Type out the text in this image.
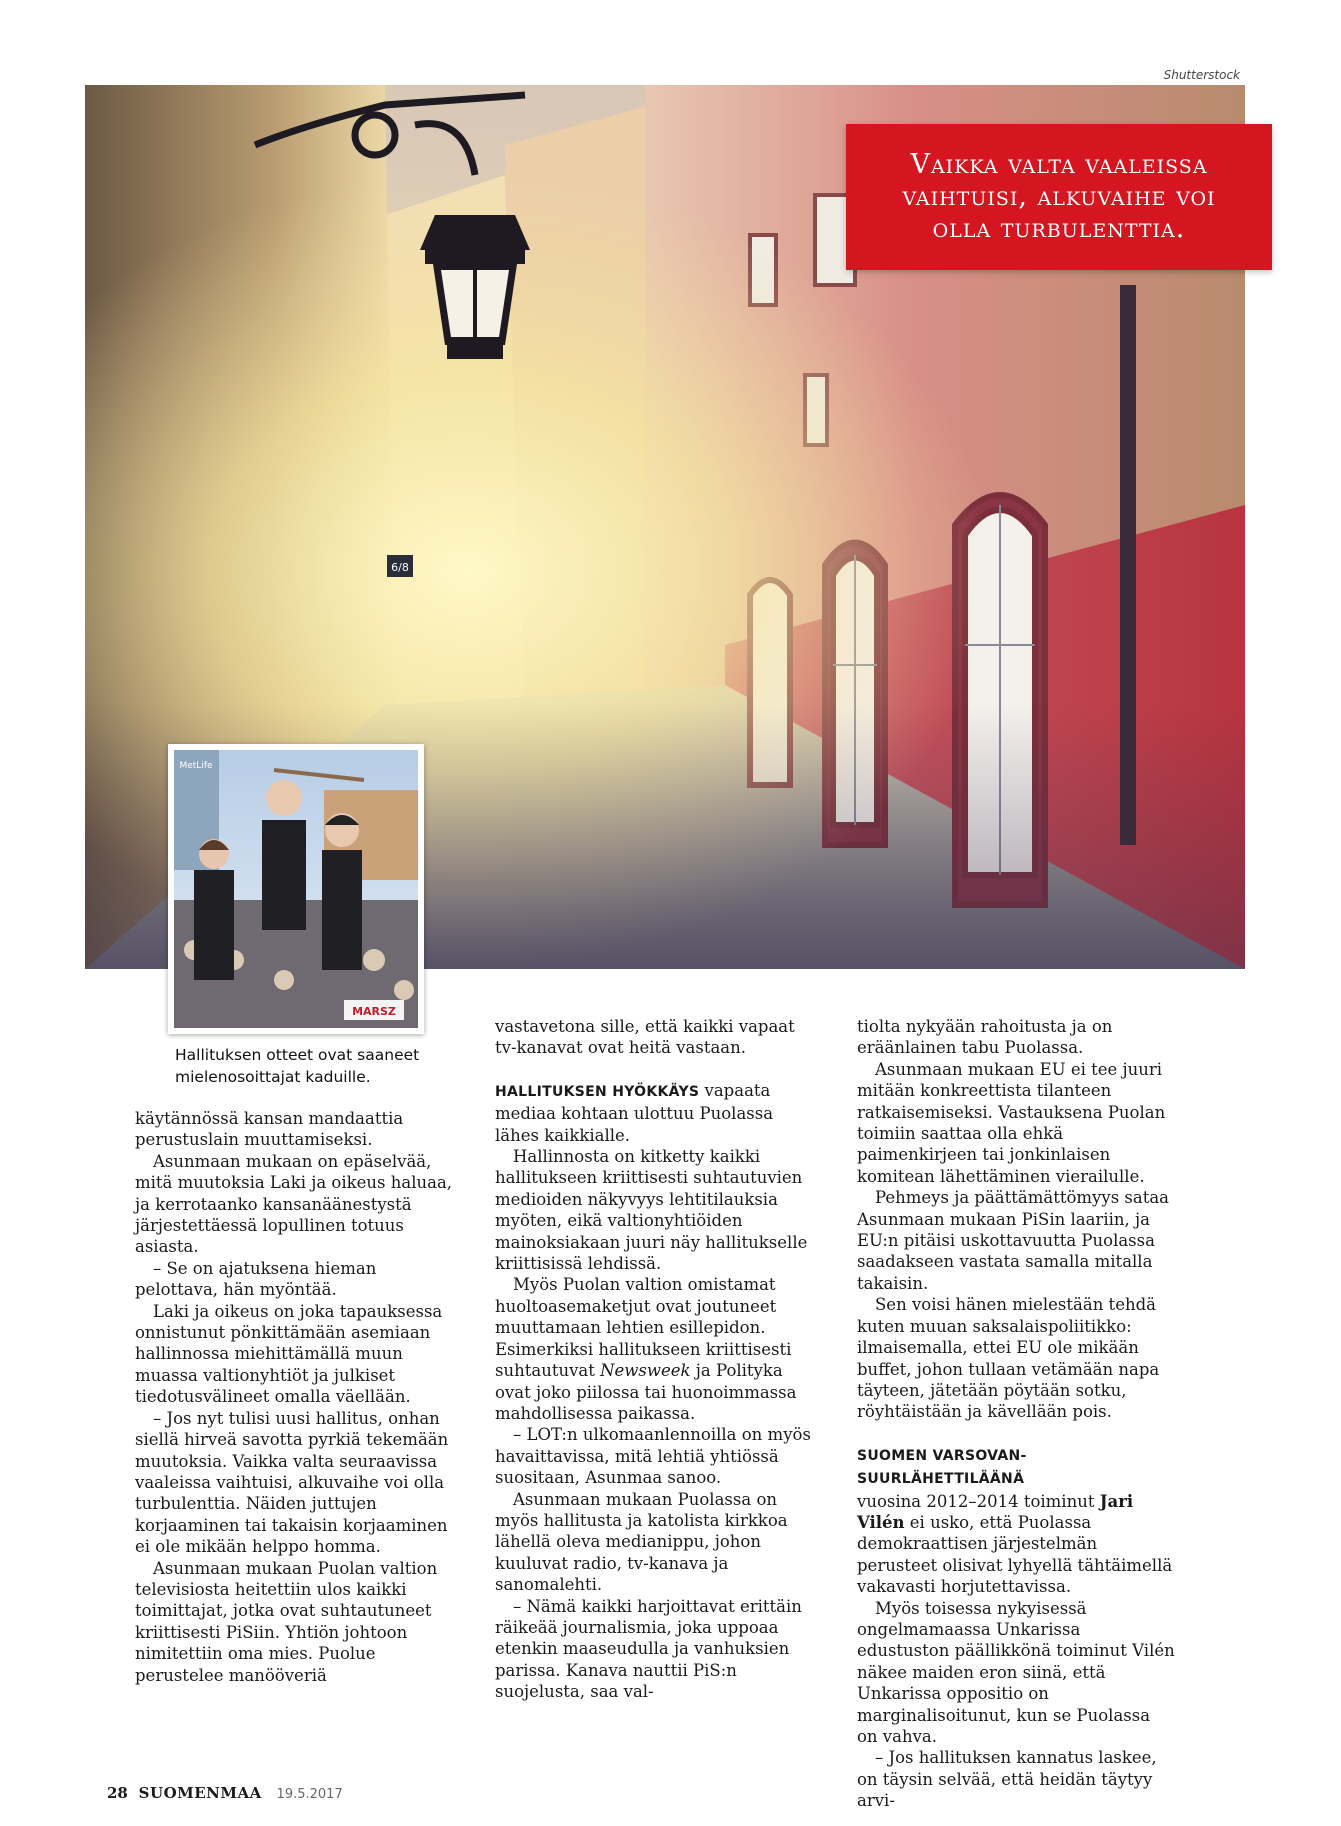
Shutterstock
6/8
Vaikka valta vaaleissa vaihtuisi, alkuvaihe voi olla turbulenttia.
MetLife
MARSZ
Hallituksen otteet ovat saaneet mielenosoittajat kaduille.

käytännössä kansan mandaattia perustuslain muuttamiseksi.

Asunmaan mukaan on epäselvää, mitä muutoksia Laki ja oikeus haluaa, ja kerrotaanko kansanäänestystä järjestettäessä lopullinen totuus asiasta.

– Se on ajatuksena hieman pelottava, hän myöntää.

Laki ja oikeus on joka tapauksessa onnistunut pönkittämään asemiaan hallinnossa miehittämällä muun muassa valtionyhtiöt ja julkiset tiedotusvälineet omalla väellään.

– Jos nyt tulisi uusi hallitus, onhan siellä hirveä savotta pyrkiä tekemään muutoksia. Vaikka valta seuraavissa vaaleissa vaihtuisi, alkuvaihe voi olla turbulenttia. Näiden juttujen korjaaminen tai takaisin korjaaminen ei ole mikään helppo homma.

Asunmaan mukaan Puolan valtion televisiosta heitettiin ulos kaikki toimittajat, jotka ovat suhtautuneet kriittisesti PiSiin. Yhtiön johtoon nimitettiin oma mies. Puolue perustelee manööveriä

vastavetona sille, että kaikki vapaat tv-kanavat ovat heitä vastaan.

HALLITUKSEN HYÖKKÄYS vapaata mediaa kohtaan ulottuu Puolassa lähes kaikkialle.

Hallinnosta on kitketty kaikki hallitukseen kriittisesti suhtautuvien medioiden näkyvyys lehtitilauksia myöten, eikä valtionyhtiöiden mainoksiakaan juuri näy hallitukselle kriittisissä lehdissä.

Myös Puolan valtion omistamat huoltoasemaketjut ovat joutuneet muuttamaan lehtien esillepidon. Esimerkiksi hallitukseen kriittisesti suhtautuvat Newsweek ja Polityka ovat joko piilossa tai huonoimmassa mahdollisessa paikassa.

– LOT:n ulkomaanlennoilla on myös havaittavissa, mitä lehtiä yhtiössä suositaan, Asunmaa sanoo.

Asunmaan mukaan Puolassa on myös hallitusta ja katolista kirkkoa lähellä oleva medianippu, johon kuuluvat radio, tv-kanava ja sanomalehti.

– Nämä kaikki harjoittavat erittäin räikeää journalismia, joka uppoaa etenkin maaseudulla ja vanhuksien parissa. Kanava nauttii PiS:n suojelusta, saa val-

tiolta nykyään rahoitusta ja on eräänlainen tabu Puolassa.

Asunmaan mukaan EU ei tee juuri mitään konkreettista tilanteen ratkaisemiseksi. Vastauksena Puolan toimiin saattaa olla ehkä paimenkirjeen tai jonkinlaisen komitean lähettäminen vierailulle.

Pehmeys ja päättämättömyys sataa Asunmaan mukaan PiSin laariin, ja EU:n pitäisi uskottavuutta Puolassa saadakseen vastata samalla mitalla takaisin.

Sen voisi hänen mielestään tehdä kuten muuan saksalaispoliitikko: ilmaisemalla, ettei EU ole mikään buffet, johon tullaan vetämään napa täyteen, jätetään pöytään sotku, röyhtäistään ja kävellään pois.

SUOMEN VARSOVAN-SUURLÄHETTILÄÄNÄ
vuosina 2012–2014 toiminut Jari Vilén ei usko, että Puolassa demokraattisen järjestelmän perusteet olisivat lyhyellä tähtäimellä vakavasti horjutettavissa.

Myös toisessa nykyisessä ongelmamaassa Unkarissa edustuston päällikkönä toiminut Vilén näkee maiden eron siinä, että Unkarissa oppositio on marginalisoitunut, kun se Puolassa on vahva.

– Jos hallituksen kannatus laskee, on täysin selvää, että heidän täytyy arvi-

28 SUOMENMAA 19.5.2017
